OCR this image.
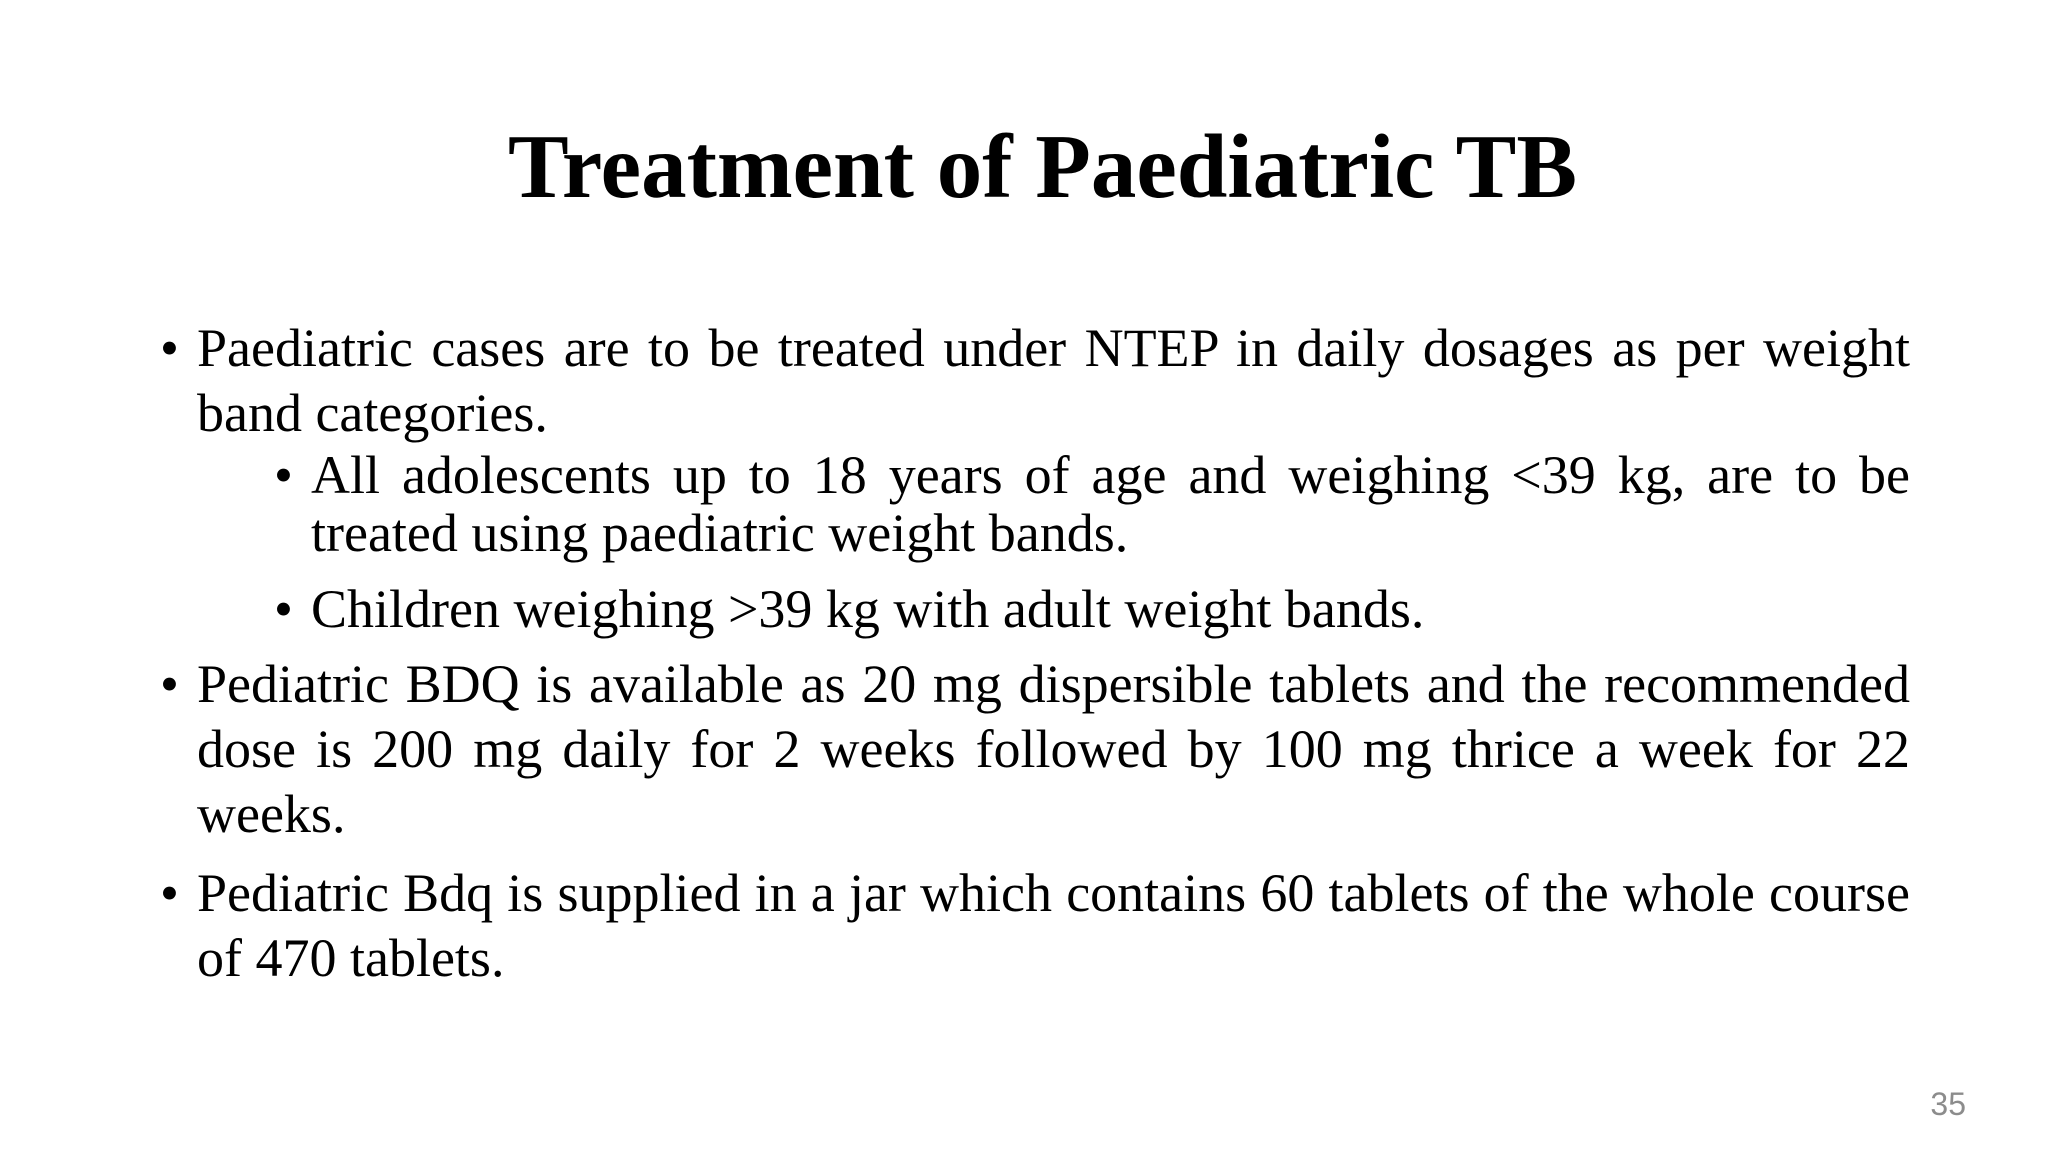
Treatment of Paediatric TB
• Paediatric cases are to be treated under NTEP in daily dosages as per weight band categories.
• All adolescents up to 18 years of age and weighing <39 kg, are to be treated using paediatric weight bands.
• Children weighing >39 kg with adult weight bands.
• Pediatric BDQ is available as 20 mg dispersible tablets and the recommended dose is 200 mg daily for 2 weeks followed by 100 mg thrice a week for 22 weeks.
• Pediatric Bdq is supplied in a jar which contains 60 tablets of the whole course of 470 tablets.
35
